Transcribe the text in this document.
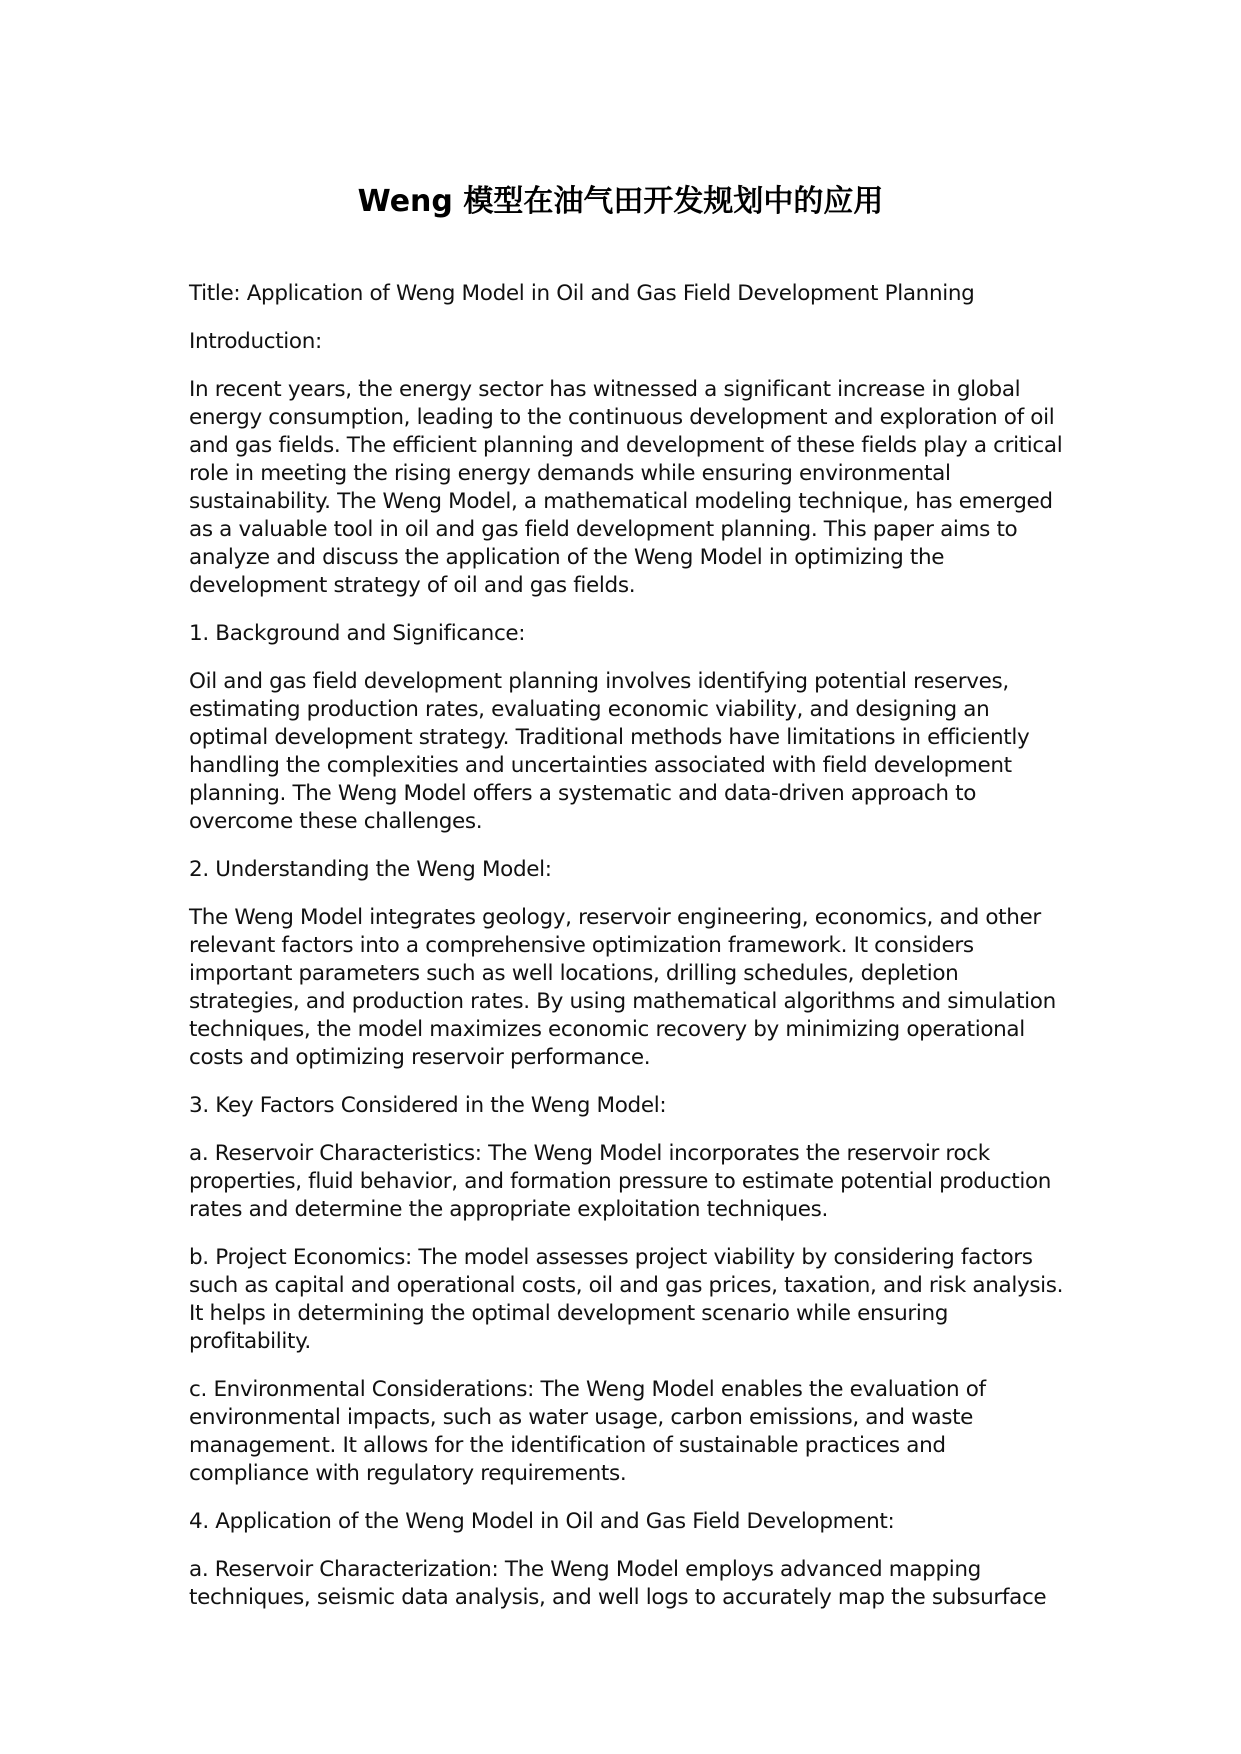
Weng 模型在油气田开发规划中的应用

Title: Application of Weng Model in Oil and Gas Field Development Planning

Introduction:

In recent years, the energy sector has witnessed a significant increase in global energy consumption, leading to the continuous development and exploration of oil and gas fields. The efficient planning and development of these fields play a critical role in meeting the rising energy demands while ensuring environmental sustainability. The Weng Model, a mathematical modeling technique, has emerged as a valuable tool in oil and gas field development planning. This paper aims to analyze and discuss the application of the Weng Model in optimizing the development strategy of oil and gas fields.

1. Background and Significance:

Oil and gas field development planning involves identifying potential reserves, estimating production rates, evaluating economic viability, and designing an optimal development strategy. Traditional methods have limitations in efficiently handling the complexities and uncertainties associated with field development planning. The Weng Model offers a systematic and data-driven approach to overcome these challenges.

2. Understanding the Weng Model:

The Weng Model integrates geology, reservoir engineering, economics, and other relevant factors into a comprehensive optimization framework. It considers important parameters such as well locations, drilling schedules, depletion strategies, and production rates. By using mathematical algorithms and simulation techniques, the model maximizes economic recovery by minimizing operational costs and optimizing reservoir performance.

3. Key Factors Considered in the Weng Model:

a. Reservoir Characteristics: The Weng Model incorporates the reservoir rock properties, fluid behavior, and formation pressure to estimate potential production rates and determine the appropriate exploitation techniques.

b. Project Economics: The model assesses project viability by considering factors such as capital and operational costs, oil and gas prices, taxation, and risk analysis. It helps in determining the optimal development scenario while ensuring profitability.

c. Environmental Considerations: The Weng Model enables the evaluation of environmental impacts, such as water usage, carbon emissions, and waste management. It allows for the identification of sustainable practices and compliance with regulatory requirements.

4. Application of the Weng Model in Oil and Gas Field Development:

a. Reservoir Characterization: The Weng Model employs advanced mapping techniques, seismic data analysis, and well logs to accurately map the subsurface
